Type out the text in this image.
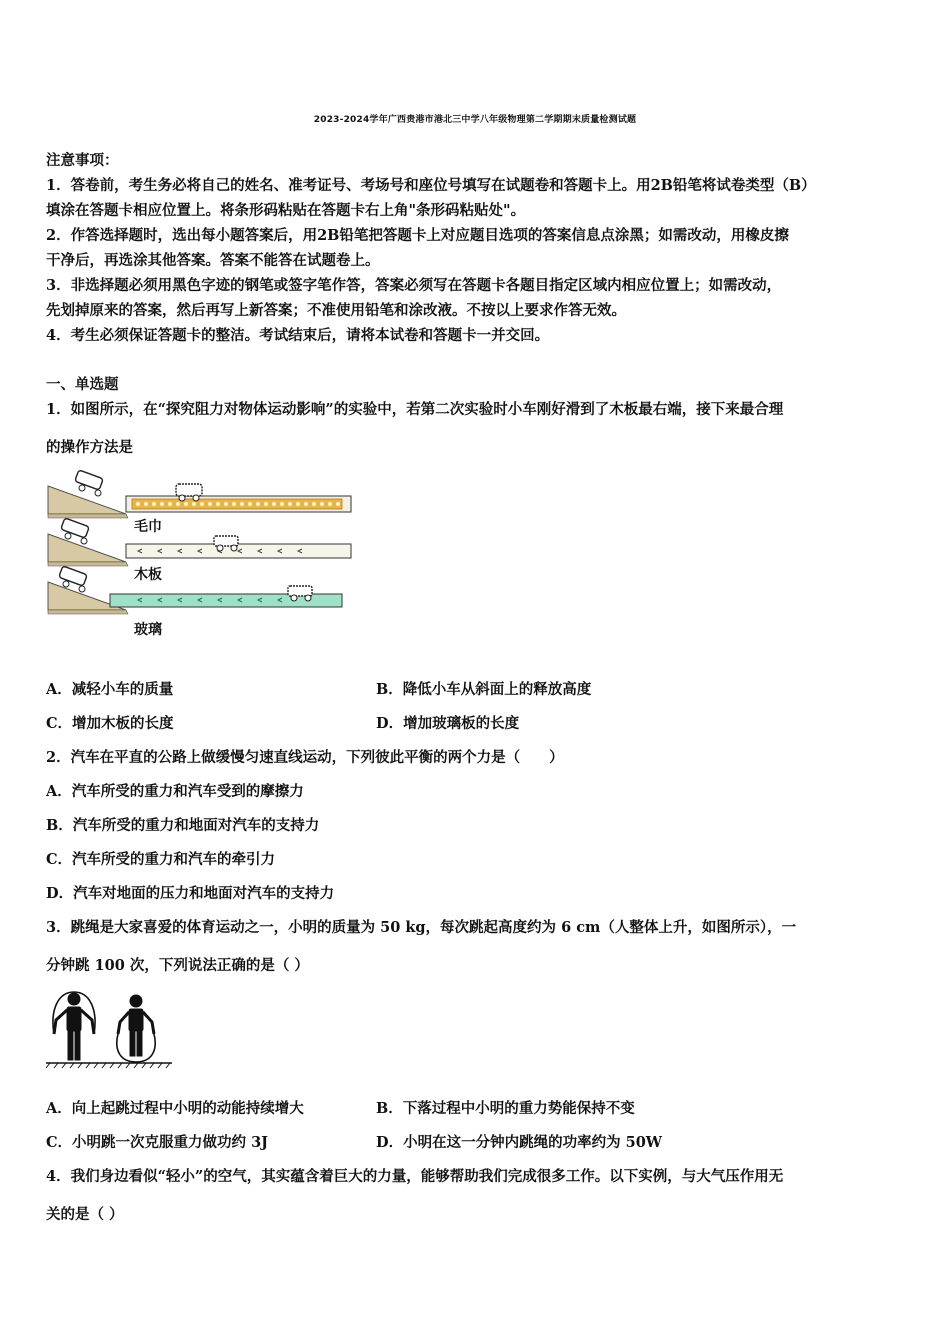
2023-2024学年广西贵港市港北三中学八年级物理第二学期期末质量检测试题
注意事项：
1．答卷前，考生务必将自己的姓名、准考证号、考场号和座位号填写在试题卷和答题卡上。用2B铅笔将试卷类型（B）
填涂在答题卡相应位置上。将条形码粘贴在答题卡右上角"条形码粘贴处"。
2．作答选择题时，选出每小题答案后，用2B铅笔把答题卡上对应题目选项的答案信息点涂黑；如需改动，用橡皮擦
干净后，再选涂其他答案。答案不能答在试题卷上。
3．非选择题必须用黑色字迹的钢笔或签字笔作答，答案必须写在答题卡各题目指定区域内相应位置上；如需改动，
先划掉原来的答案，然后再写上新答案；不准使用铅笔和涂改液。不按以上要求作答无效。
4．考生必须保证答题卡的整洁。考试结束后，请将本试卷和答题卡一并交回。
一、单选题
1．如图所示，在“探究阻力对物体运动影响”的实验中，若第二次实验时小车刚好滑到了木板最右端，接下来最合理
的操作方法是
毛巾
木板
玻璃
A．减轻小车的质量	B．降低小车从斜面上的释放高度
C．增加木板的长度	D．增加玻璃板的长度
2．汽车在平直的公路上做缓慢匀速直线运动，下列彼此平衡的两个力是（　　）
A．汽车所受的重力和汽车受到的摩擦力
B．汽车所受的重力和地面对汽车的支持力
C．汽车所受的重力和汽车的牵引力
D．汽车对地面的压力和地面对汽车的支持力
3．跳绳是大家喜爱的体育运动之一，小明的质量为 50 kg，每次跳起高度约为 6 cm（人整体上升，如图所示），一
分钟跳 100 次，下列说法正确的是（ ）
A．向上起跳过程中小明的动能持续增大	B．下落过程中小明的重力势能保持不变
C．小明跳一次克服重力做功约 3J	D．小明在这一分钟内跳绳的功率约为 50W
4．我们身边看似“轻小”的空气，其实蕴含着巨大的力量，能够帮助我们完成很多工作。以下实例，与大气压作用无
关的是（ ）
